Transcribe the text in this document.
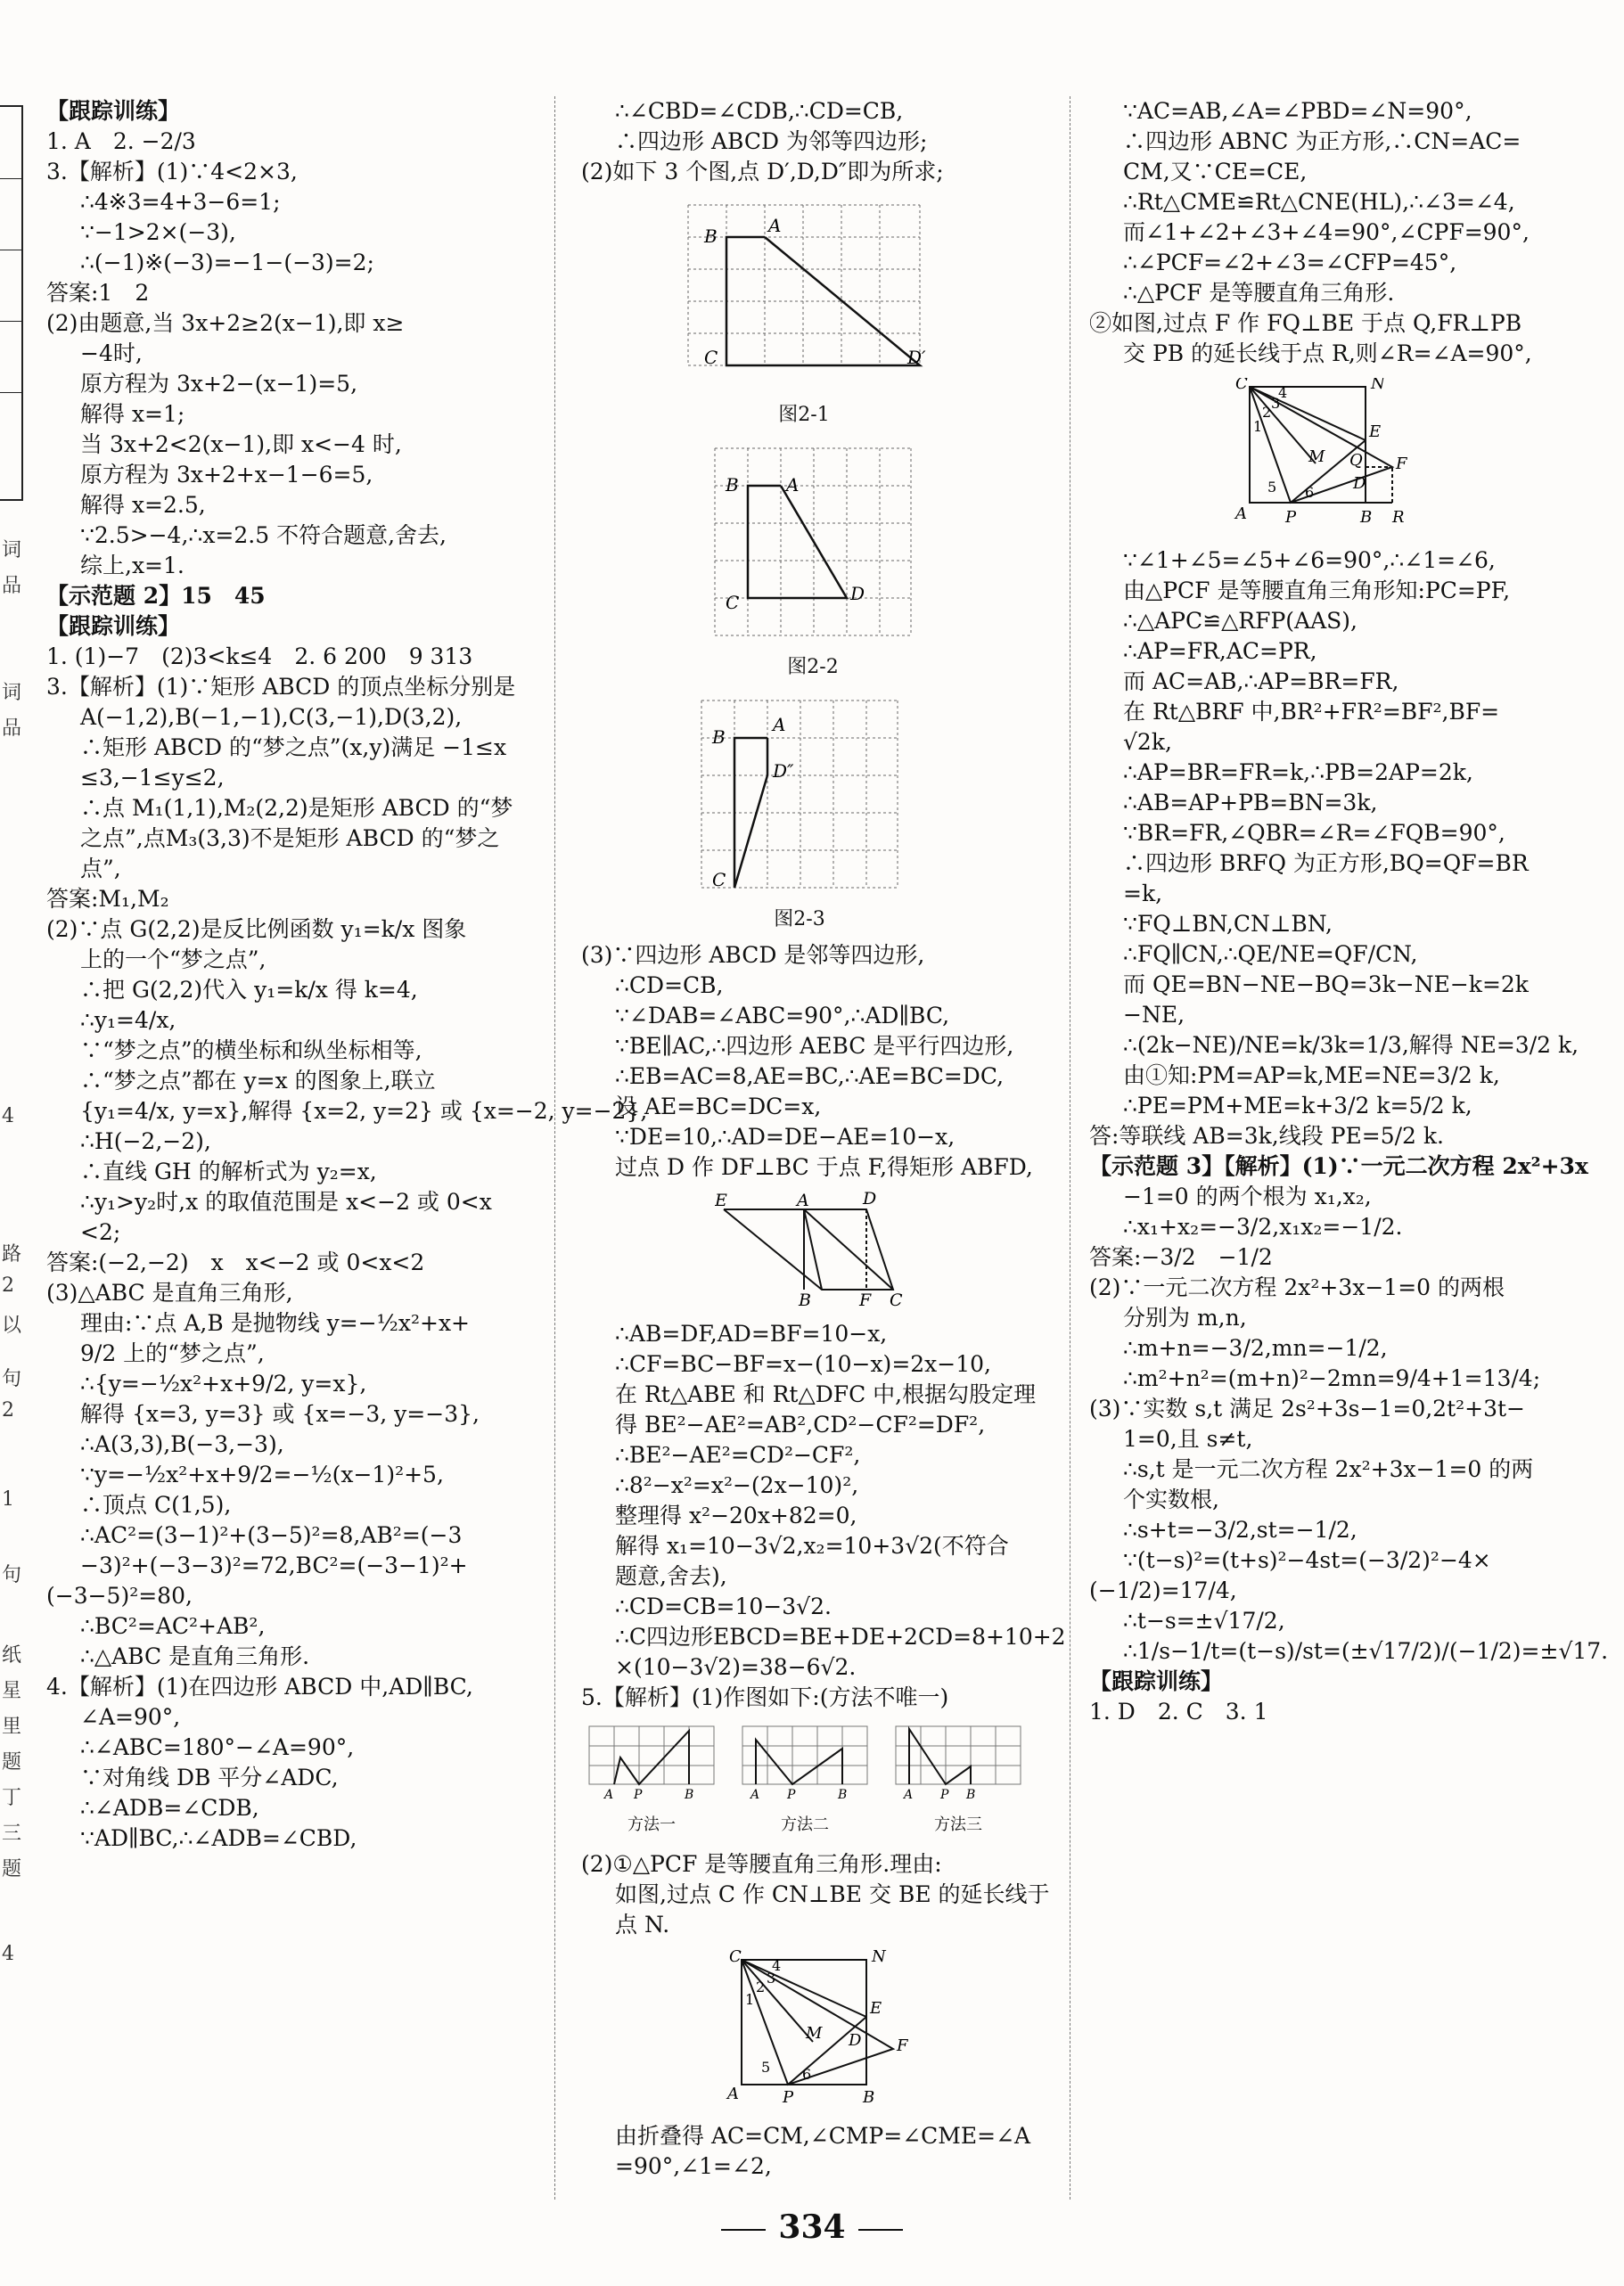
词
品
词
品
4
路
2
以
句
2
1
句
纸
星
里
题
丁
三
题
4
【跟踪训练】
1. A　2. −2/3
3.【解析】(1)∵4<2×3,
∴4※3=4+3−6=1;
∵−1>2×(−3),
∴(−1)※(−3)=−1−(−3)=2;
答案:1　2
(2)由题意,当 3x+2≥2(x−1),即 x≥
−4时,
原方程为 3x+2−(x−1)=5,
解得 x=1;
当 3x+2<2(x−1),即 x<−4 时,
原方程为 3x+2+x−1−6=5,
解得 x=2.5,
∵2.5>−4,∴x=2.5 不符合题意,舍去,
综上,x=1.
【示范题 2】15　45
【跟踪训练】
1. (1)−7　(2)3<k≤4　2. 6 200　9 313
3.【解析】(1)∵矩形 ABCD 的顶点坐标分别是
A(−1,2),B(−1,−1),C(3,−1),D(3,2),
∴矩形 ABCD 的“梦之点”(x,y)满足 −1≤x
≤3,−1≤y≤2,
∴点 M₁(1,1),M₂(2,2)是矩形 ABCD 的“梦
之点”,点M₃(3,3)不是矩形 ABCD 的“梦之
点”,
答案:M₁,M₂
(2)∵点 G(2,2)是反比例函数 y₁=k/x 图象
上的一个“梦之点”,
∴把 G(2,2)代入 y₁=k/x 得 k=4,
∴y₁=4/x,
∵“梦之点”的横坐标和纵坐标相等,
∴“梦之点”都在 y=x 的图象上,联立
{y₁=4/x, y=x},解得 {x=2, y=2} 或 {x=−2, y=−2},
∴H(−2,−2),
∴直线 GH 的解析式为 y₂=x,
∴y₁>y₂时,x 的取值范围是 x<−2 或 0<x
<2;
答案:(−2,−2)　x　x<−2 或 0<x<2
(3)△ABC 是直角三角形,
理由:∵点 A,B 是抛物线 y=−½x²+x+
9/2 上的“梦之点”,
∴{y=−½x²+x+9/2, y=x},
解得 {x=3, y=3} 或 {x=−3, y=−3},
∴A(3,3),B(−3,−3),
∵y=−½x²+x+9/2=−½(x−1)²+5,
∴顶点 C(1,5),
∴AC²=(3−1)²+(3−5)²=8,AB²=(−3
−3)²+(−3−3)²=72,BC²=(−3−1)²+
(−3−5)²=80,
∴BC²=AC²+AB²,
∴△ABC 是直角三角形.
4.【解析】(1)在四边形 ABCD 中,AD∥BC,
∠A=90°,
∴∠ABC=180°−∠A=90°,
∵对角线 DB 平分∠ADC,
∴∠ADB=∠CDB,
∵AD∥BC,∴∠ADB=∠CBD,
∴∠CBD=∠CDB,∴CD=CB,
∴四边形 ABCD 为邻等四边形;
(2)如下 3 个图,点 D′,D,D″即为所求;
B	A
C	D′
图2-1
B	A
C	D
图2-2
B
A
C
D″
图2-3
(3)∵四边形 ABCD 是邻等四边形,
∴CD=CB,
∵∠DAB=∠ABC=90°,∴AD∥BC,
∵BE∥AC,∴四边形 AEBC 是平行四边形,
∴EB=AC=8,AE=BC,∴AE=BC=DC,
设 AE=BC=DC=x,
∵DE=10,∴AD=DE−AE=10−x,
过点 D 作 DF⊥BC 于点 F,得矩形 ABFD,
E	A	D
B	F C
∴AB=DF,AD=BF=10−x,
∴CF=BC−BF=x−(10−x)=2x−10,
在 Rt△ABE 和 Rt△DFC 中,根据勾股定理
得 BE²−AE²=AB²,CD²−CF²=DF²,
∴BE²−AE²=CD²−CF²,
∴8²−x²=x²−(2x−10)²,
整理得 x²−20x+82=0,
解得 x₁=10−3√2,x₂=10+3√2(不符合
题意,舍去),
∴CD=CB=10−3√2.
∴C四边形EBCD=BE+DE+2CD=8+10+2
×(10−3√2)=38−6√2.
5.【解析】(1)作图如下:(方法不唯一)
A P	B
方法一
A P	B
方法二
A P B
方法三
(2)①△PCF 是等腰直角三角形.理由:
如图,过点 C 作 CN⊥BE 交 BE 的延长线于
点 N.
C	N
E
F
M D
A	P	B
1
2
3
4
5 6
由折叠得 AC=CM,∠CMP=∠CME=∠A
=90°,∠1=∠2,
∵AC=AB,∠A=∠PBD=∠N=90°,
∴四边形 ABNC 为正方形,∴CN=AC=
CM,又∵CE=CE,
∴Rt△CME≌Rt△CNE(HL),∴∠3=∠4,
而∠1+∠2+∠3+∠4=90°,∠CPF=90°,
∴∠PCF=∠2+∠3=∠CFP=45°,
∴△PCF 是等腰直角三角形.
②如图,过点 F 作 FQ⊥BE 于点 Q,FR⊥PB
交 PB 的延长线于点 R,则∠R=∠A=90°,
C	N
E
F
Q
M
D
A P	B R
1
2
3
4
5 6
∵∠1+∠5=∠5+∠6=90°,∴∠1=∠6,
由△PCF 是等腰直角三角形知:PC=PF,
∴△APC≌△RFP(AAS),
∴AP=FR,AC=PR,
而 AC=AB,∴AP=BR=FR,
在 Rt△BRF 中,BR²+FR²=BF²,BF=
√2k,
∴AP=BR=FR=k,∴PB=2AP=2k,
∴AB=AP+PB=BN=3k,
∵BR=FR,∠QBR=∠R=∠FQB=90°,
∴四边形 BRFQ 为正方形,BQ=QF=BR
=k,
∵FQ⊥BN,CN⊥BN,
∴FQ∥CN,∴QE/NE=QF/CN,
而 QE=BN−NE−BQ=3k−NE−k=2k
−NE,
∴(2k−NE)/NE=k/3k=1/3,解得 NE=3/2 k,
由①知:PM=AP=k,ME=NE=3/2 k,
∴PE=PM+ME=k+3/2 k=5/2 k,
答:等联线 AB=3k,线段 PE=5/2 k.
【示范题 3】【解析】(1)∵一元二次方程 2x²+3x
−1=0 的两个根为 x₁,x₂,
∴x₁+x₂=−3/2,x₁x₂=−1/2.
答案:−3/2　−1/2
(2)∵一元二次方程 2x²+3x−1=0 的两根
分别为 m,n,
∴m+n=−3/2,mn=−1/2,
∴m²+n²=(m+n)²−2mn=9/4+1=13/4;
(3)∵实数 s,t 满足 2s²+3s−1=0,2t²+3t−
1=0,且 s≠t,
∴s,t 是一元二次方程 2x²+3x−1=0 的两
个实数根,
∴s+t=−3/2,st=−1/2,
∵(t−s)²=(t+s)²−4st=(−3/2)²−4×
(−1/2)=17/4,
∴t−s=±√17/2,
∴1/s−1/t=(t−s)/st=(±√17/2)/(−1/2)=±√17.
【跟踪训练】
1. D　2. C　3. 1
334
